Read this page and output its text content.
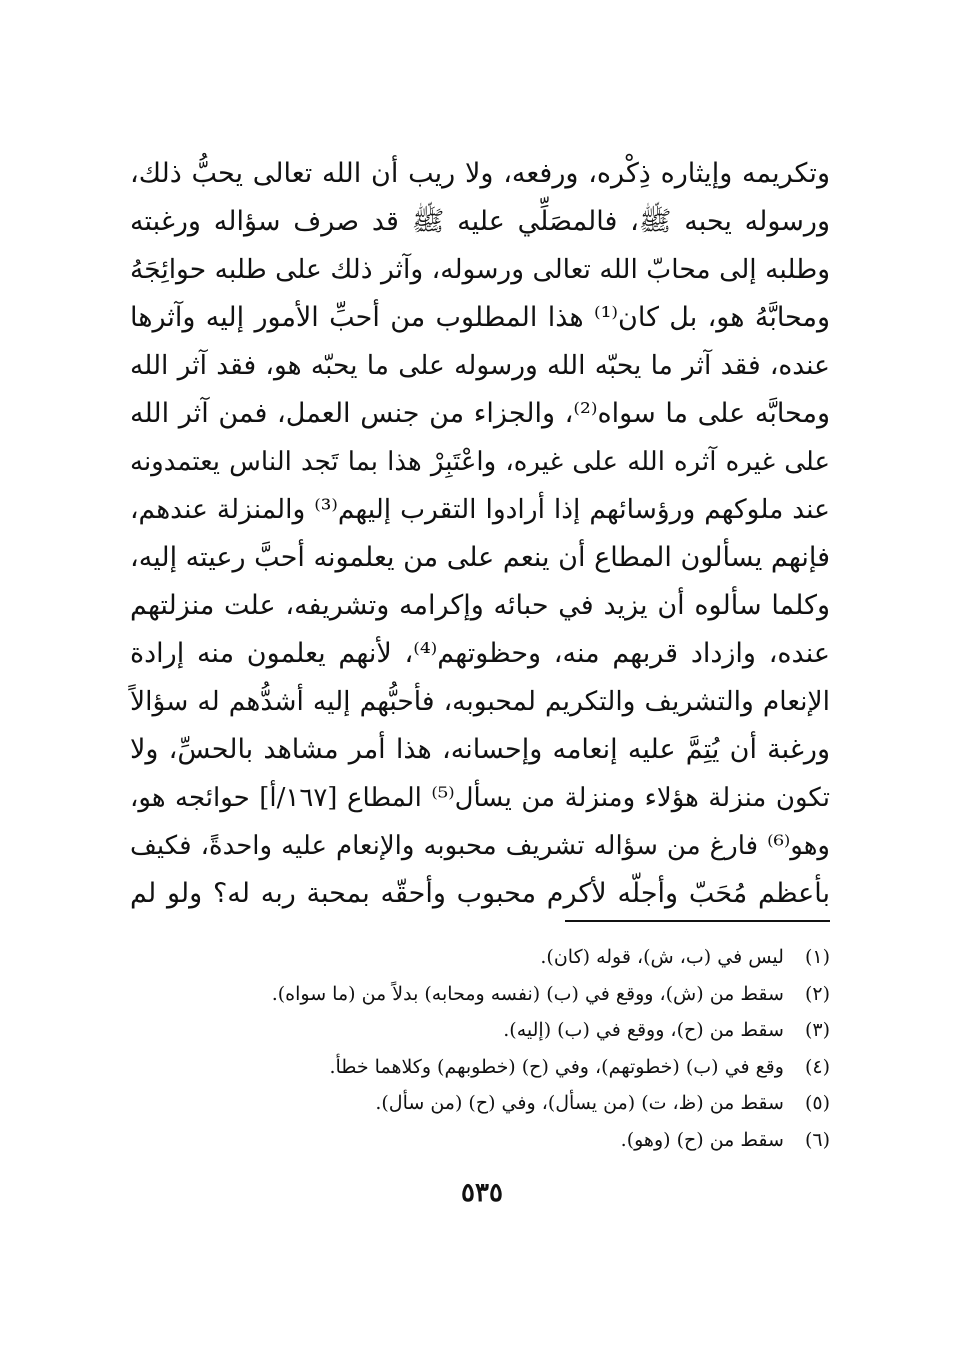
وتكريمه وإيثاره ذِكْره، ورفعه، ولا ريب أن الله تعالى يحبُّ ذلك،
ورسوله يحبه ﷺ، فالمصَلِّي عليه ﷺ قد صرف سؤاله ورغبته
وطلبه إلى محابّ الله تعالى ورسوله، وآثر ذلك على طلبه حوائِجَهُ
ومحابَّهُ هو، بل كان⁽¹⁾ هذا المطلوب من أحبِّ الأمور إليه وآثرها
عنده، فقد آثر ما يحبّه الله ورسوله على ما يحبّه هو، فقد آثر الله
ومحابَّه على ما سواه⁽²⁾، والجزاء من جنس العمل، فمن آثر الله
على غيره آثره الله على غيره، واعْتَبِرْ هذا بما تَجد الناس يعتمدونه
عند ملوكهم ورؤسائهم إذا أرادوا التقرب إليهم⁽³⁾ والمنزلة عندهم،
فإنهم يسألون المطاع أن ينعم على من يعلمونه أحبَّ رعيته إليه،
وكلما سألوه أن يزيد في حبائه وإكرامه وتشريفه، علت منزلتهم
عنده، وازداد قربهم منه، وحظوتهم⁽⁴⁾، لأنهم يعلمون منه إرادة
الإنعام والتشريف والتكريم لمحبوبه، فأحبُّهم إليه أشدُّهم له سؤالاً
ورغبة أن يُتِمَّ عليه إنعامه وإحسانه، هذا أمر مشاهد بالحسِّ، ولا
تكون منزلة هؤلاء ومنزلة من يسأل⁽⁵⁾ المطاع [١٦٧/أ] حوائجه هو،
وهو⁽⁶⁾ فارغ من سؤاله تشريف محبوبه والإنعام عليه واحدةً، فكيف
بأعظم مُحَبّ وأجلّه لأكرم محبوب وأحقّه بمحبة ربه له؟ ولو لم
(١) ليس في (ب، ش)، قوله (كان).
(٢) سقط من (ش)، ووقع في (ب) (نفسه ومحابه) بدلاً من (ما سواه).
(٣) سقط من (ح)، ووقع في (ب) (إليه).
(٤) وقع في (ب) (خطوتهم)، وفي (ح) (خطوبهم) وكلاهما خطأ.
(٥) سقط من (ظ، ت) (من يسأل)، وفي (ح) (من سأل).
(٦) سقط من (ح) (وهو).
٥٣٥
